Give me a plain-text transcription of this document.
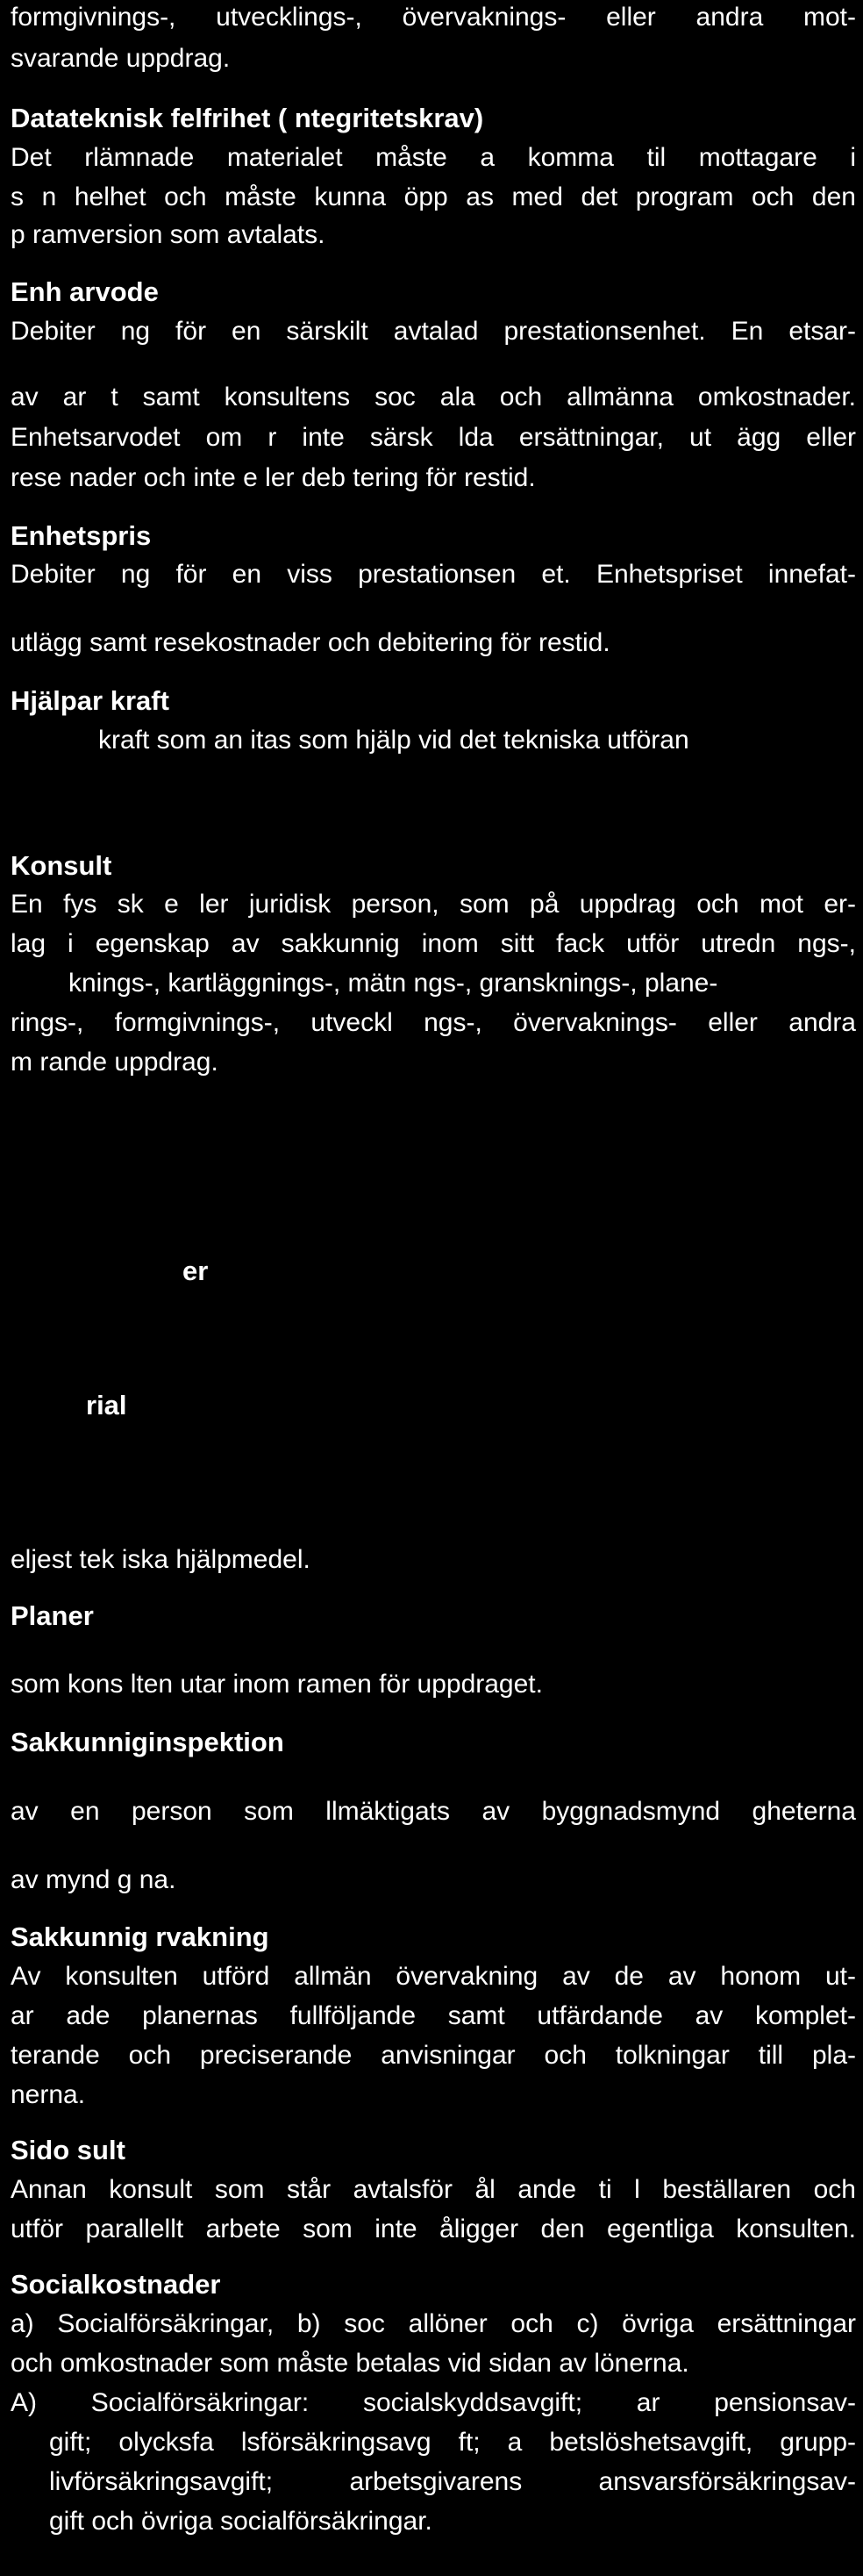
formgivnings-, utvecklings-, övervaknings- eller andra mot-
svarande uppdrag.
Datateknisk felfrihet ( ntegritetskrav)
Det rlämnade materialet måste a komma til mottagare i
s n helhet och måste kunna öpp as med det program och den
p ramversion som avtalats.
Enh arvode
Debiter ng för en särskilt avtalad prestationsenhet. En etsar-
av ar t samt konsultens soc ala och allmänna omkostnader.
Enhetsarvodet om r inte särsk lda ersättningar, ut ägg eller
rese nader och inte e ler deb tering för restid.
Enhetspris
Debiter ng för en viss prestationsen et. Enhetspriset innefat-
utlägg samt resekostnader och debitering för restid.
Hjälpar kraft
kraft som an itas som hjälp vid det tekniska utföran
Konsult
En fys sk e ler juridisk person, som på uppdrag och mot er-
lag i egenskap av sakkunnig inom sitt fack utför utredn ngs-,
knings-, kartläggnings-, mätn ngs-, gransknings-, plane-
rings-, formgivnings-, utveckl ngs-, övervaknings- eller andra
m rande uppdrag.
er
rial
eljest tek iska hjälpmedel.
Planer
som kons lten utar inom ramen för uppdraget.
Sakkunniginspektion
av en person som llmäktigats av byggnadsmynd gheterna
av mynd g na.
Sakkunnig rvakning
Av konsulten utförd allmän övervakning av de av honom ut-
ar ade planernas fullföljande samt utfärdande av komplet-
terande och preciserande anvisningar och tolkningar till pla-
nerna.
Sido sult
Annan konsult som står avtalsför ål ande ti l beställaren och
utför parallellt arbete som inte åligger den egentliga konsulten.
Socialkostnader
a) Socialförsäkringar, b) soc allöner och c) övriga ersättningar
och omkostnader som måste betalas vid sidan av lönerna.
A) Socialförsäkringar: socialskyddsavgift; ar pensionsav-
gift; olycksfa lsförsäkringsavg ft; a betslöshetsavgift, grupp-
livförsäkringsavgift; arbetsgivarens ansvarsförsäkringsav-
gift och övriga socialförsäkringar.
